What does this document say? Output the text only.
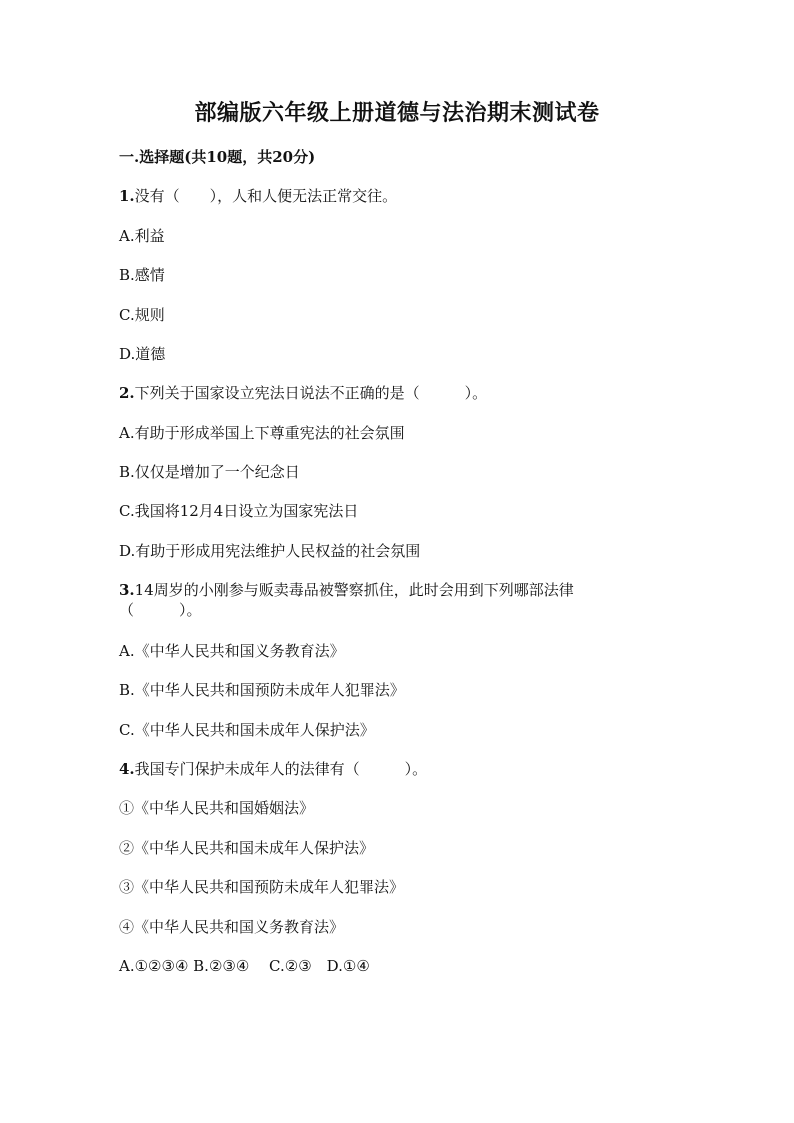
部编版六年级上册道德与法治期末测试卷
一.选择题(共10题，共20分)
1.没有（　　），人和人便无法正常交往。
A.利益
B.感情
C.规则
D.道德
2.下列关于国家设立宪法日说法不正确的是（　　　）。
A.有助于形成举国上下尊重宪法的社会氛围
B.仅仅是增加了一个纪念日
C.我国将12月4日设立为国家宪法日
D.有助于形成用宪法维护人民权益的社会氛围
3.14周岁的小刚参与贩卖毒品被警察抓住，此时会用到下列哪部法律
（　　　）。
A.《中华人民共和国义务教育法》
B.《中华人民共和国预防未成年人犯罪法》
C.《中华人民共和国未成年人保护法》
4.我国专门保护未成年人的法律有（　　　）。
①《中华人民共和国婚姻法》
②《中华人民共和国未成年人保护法》
③《中华人民共和国预防未成年人犯罪法》
④《中华人民共和国义务教育法》
A.①②③④ B.②③④　 C.②③　D.①④
